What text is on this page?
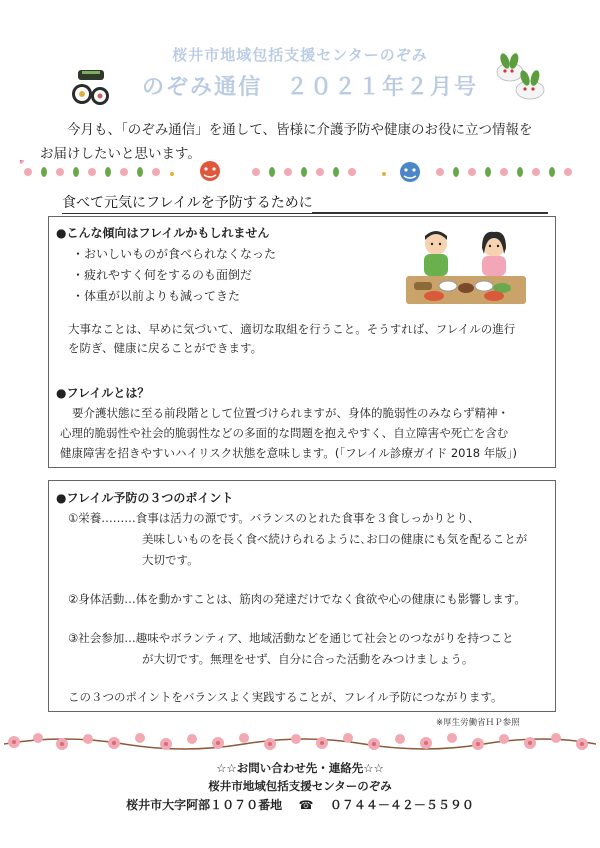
桜井市地域包括支援センターのぞみ
のぞみ通信　２０２１年２月号

今月も、「のぞみ通信」を通して、皆様に介護予防や健康のお役に立つ情報を

お届けしたいと思います。
食べて元気にフレイルを予防するために
●こんな傾向はフレイルかもしれません
・おいしいものが食べられなくなった
・疲れやすく何をするのも面倒だ
・体重が以前よりも減ってきた

大事なことは、早めに気づいて、適切な取組を行うこと。そうすれば、フレイルの進行

を防ぎ、健康に戻ることができます。

●フレイルとは？

要介護状態に至る前段階として位置づけられますが、身体的脆弱性のみならず精神・

心理的脆弱性や社会的脆弱性などの多面的な問題を抱えやすく、自立障害や死亡を含む

健康障害を招きやすいハイリスク状態を意味します。(「フレイル診療ガイド 2018 年版」)

●フレイル予防の３つのポイント

①栄養………食事は活力の源です。バランスのとれた食事を３食しっかりとり、

美味しいものを長く食べ続けられるように､お口の健康にも気を配ることが

大切です。

②身体活動…体を動かすことは、筋肉の発達だけでなく食欲や心の健康にも影響します。

③社会参加…趣味やボランティア、地域活動などを通じて社会とのつながりを持つこと

が大切です。無理をせず、自分に合った活動をみつけましょう。

この３つのポイントをバランスよく実践することが、フレイル予防につながります。

※厚生労働省ＨＰ参照
☆☆お問い合わせ先・連絡先☆☆
桜井市地域包括支援センターのぞみ
桜井市大字阿部１０７０番地 ☎ ０７４４－４２－５５９０
